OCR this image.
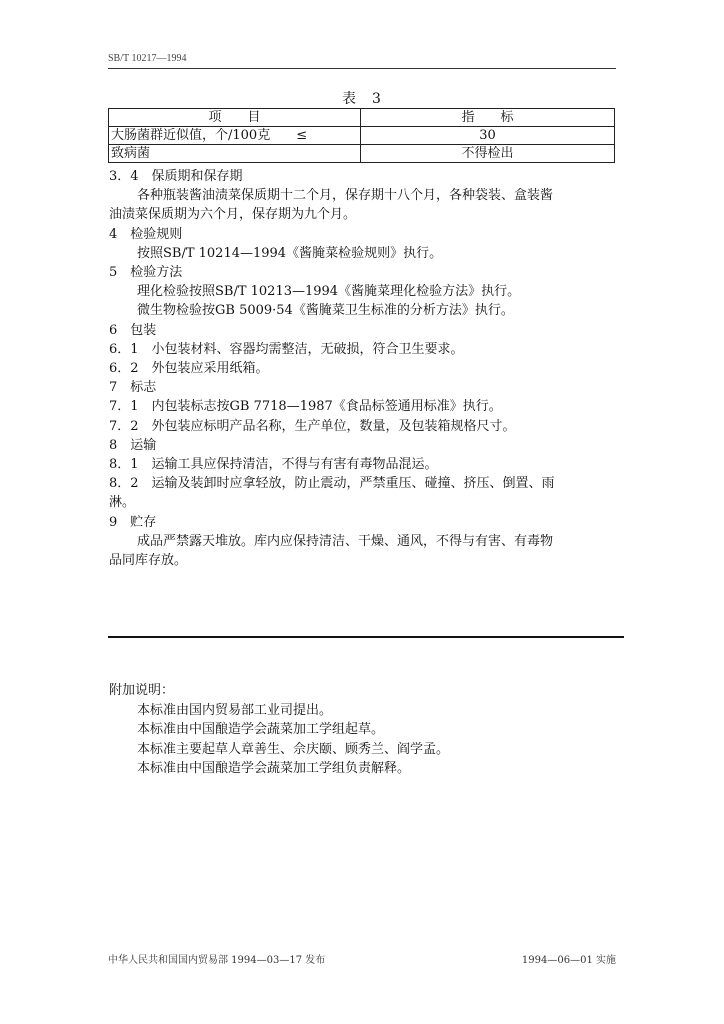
SB/T 10217—1994
表　3
项　　目	指　　标
大肠菌群近似值，个/100克　　≤	30
致病菌	不得检出

3．4　保质期和保存期

各种瓶装酱油渍菜保质期十二个月，保存期十八个月，各种袋装、盒装酱

油渍菜保质期为六个月，保存期为九个月。

4　检验规则

按照SB/T 10214—1994《酱腌菜检验规则》执行。

5　检验方法

理化检验按照SB/T 10213—1994《酱腌菜理化检验方法》执行。

微生物检验按GB 5009·54《酱腌菜卫生标准的分析方法》执行。

6　包装

6．1　小包装材料、容器均需整洁，无破损，符合卫生要求。

6．2　外包装应采用纸箱。

7　标志

7．1　内包装标志按GB 7718—1987《食品标签通用标准》执行。

7．2　外包装应标明产品名称，生产单位，数量，及包装箱规格尺寸。

8　运输

8．1　运输工具应保持清洁，不得与有害有毒物品混运。

8．2　运输及装卸时应拿轻放，防止震动，严禁重压、碰撞、挤压、倒置、雨

淋。

9　贮存

成品严禁露天堆放。库内应保持清洁、干燥、通风，不得与有害、有毒物

品同库存放。

附加说明：

本标准由国内贸易部工业司提出。

本标准由中国酿造学会蔬菜加工学组起草。

本标准主要起草人章善生、佘庆颐、顾秀兰、阎学孟。

本标准由中国酿造学会蔬菜加工学组负责解释。

中华人民共和国国内贸易部 1994—03—17 发布	1994—06—01 实施
